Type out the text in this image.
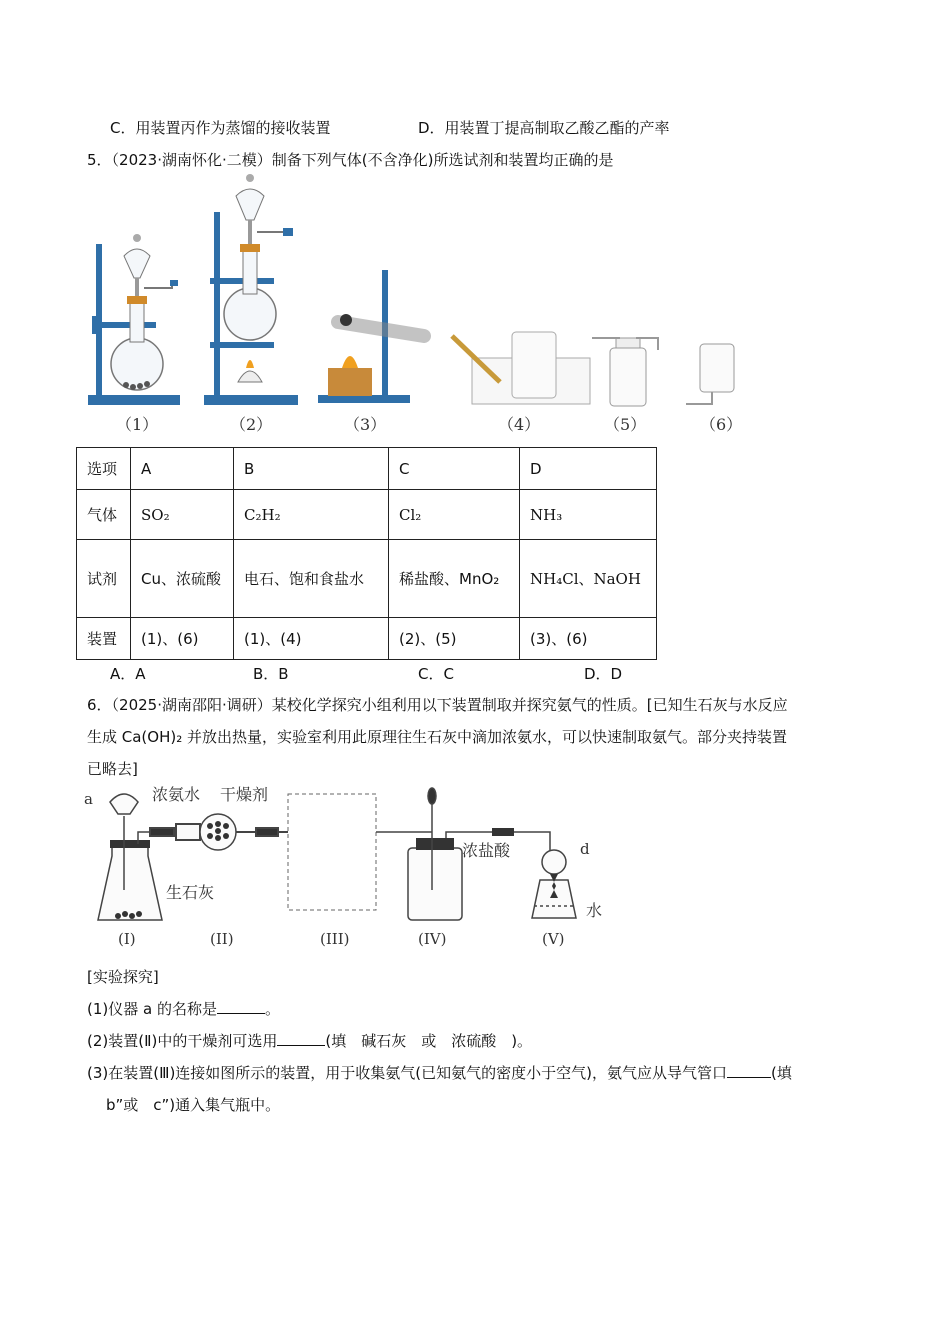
C．用装置丙作为蒸馏的接收装置	D．用装置丁提高制取乙酸乙酯的产率
5．（2023·湖南怀化·二模）制备下列气体(不含净化)所选试剂和装置均正确的是
（1）	（2）	（3）	（4）	（5）	（6）
选项	A	B	C	D
气体	SO₂	C₂H₂	Cl₂	NH₃
试剂	Cu、浓硫酸	电石、饱和食盐水	稀盐酸、MnO₂	NH₄Cl、NaOH
装置	(1)、(6)	(1)、(4)	(2)、(5)	(3)、(6)
A．A	B．B	C．C	D．D
6．（2025·湖南邵阳·调研）某校化学探究小组利用以下装置制取并探究氨气的性质。[已知生石灰与水反应
生成 Ca(OH)₂ 并放出热量，实验室利用此原理往生石灰中滴加浓氨水，可以快速制取氨气。部分夹持装置
已略去]
a	浓氨水 干燥剂
生石灰
浓盐酸	d
水
(I)	(II)	(III)	(IV)	(V)
[实验探究]
(1)仪器 a 的名称是	。
(2)装置(Ⅱ)中的干燥剂可选用	(填　碱石灰　或　浓硫酸　)。
(3)在装置(Ⅲ)连接如图所示的装置，用于收集氨气(已知氨气的密度小于空气)，氨气应从导气管口	(填
b”或　c”)通入集气瓶中。
